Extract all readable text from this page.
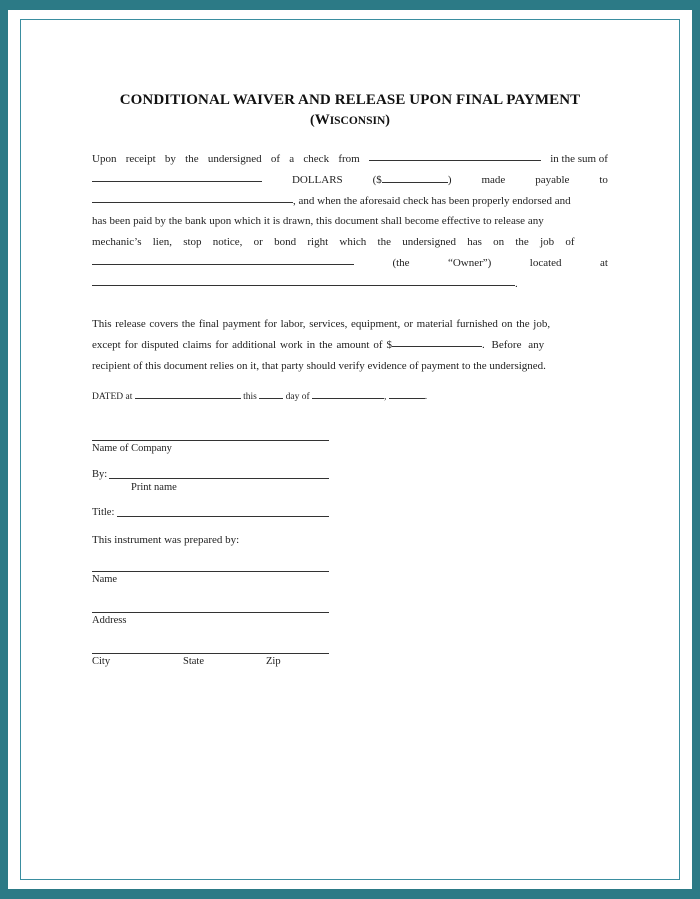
CONDITIONAL WAIVER AND RELEASE UPON FINAL PAYMENT
(WISCONSIN)
Upon receipt by the undersigned of a check from	in the sum of
DOLLARS	($	)	made	payable	to
, and when the aforesaid check has been properly endorsed and
has been paid by the bank upon which it is drawn, this document shall become effective to release any
mechanic’s lien, stop notice, or bond right which the undersigned has on the job of
(the	“Owner”)	located	at
.
This release covers the final payment for labor, services, equipment, or material furnished on the job,
except for disputed claims for additional work in the amount of $	. Before any
recipient of this document relies on it, that party should verify evidence of payment to the undersigned.
DATED at	this	day of	,	.
Name of Company
By:
Print name
Title:
This instrument was prepared by:
Name
Address
City	State	Zip
